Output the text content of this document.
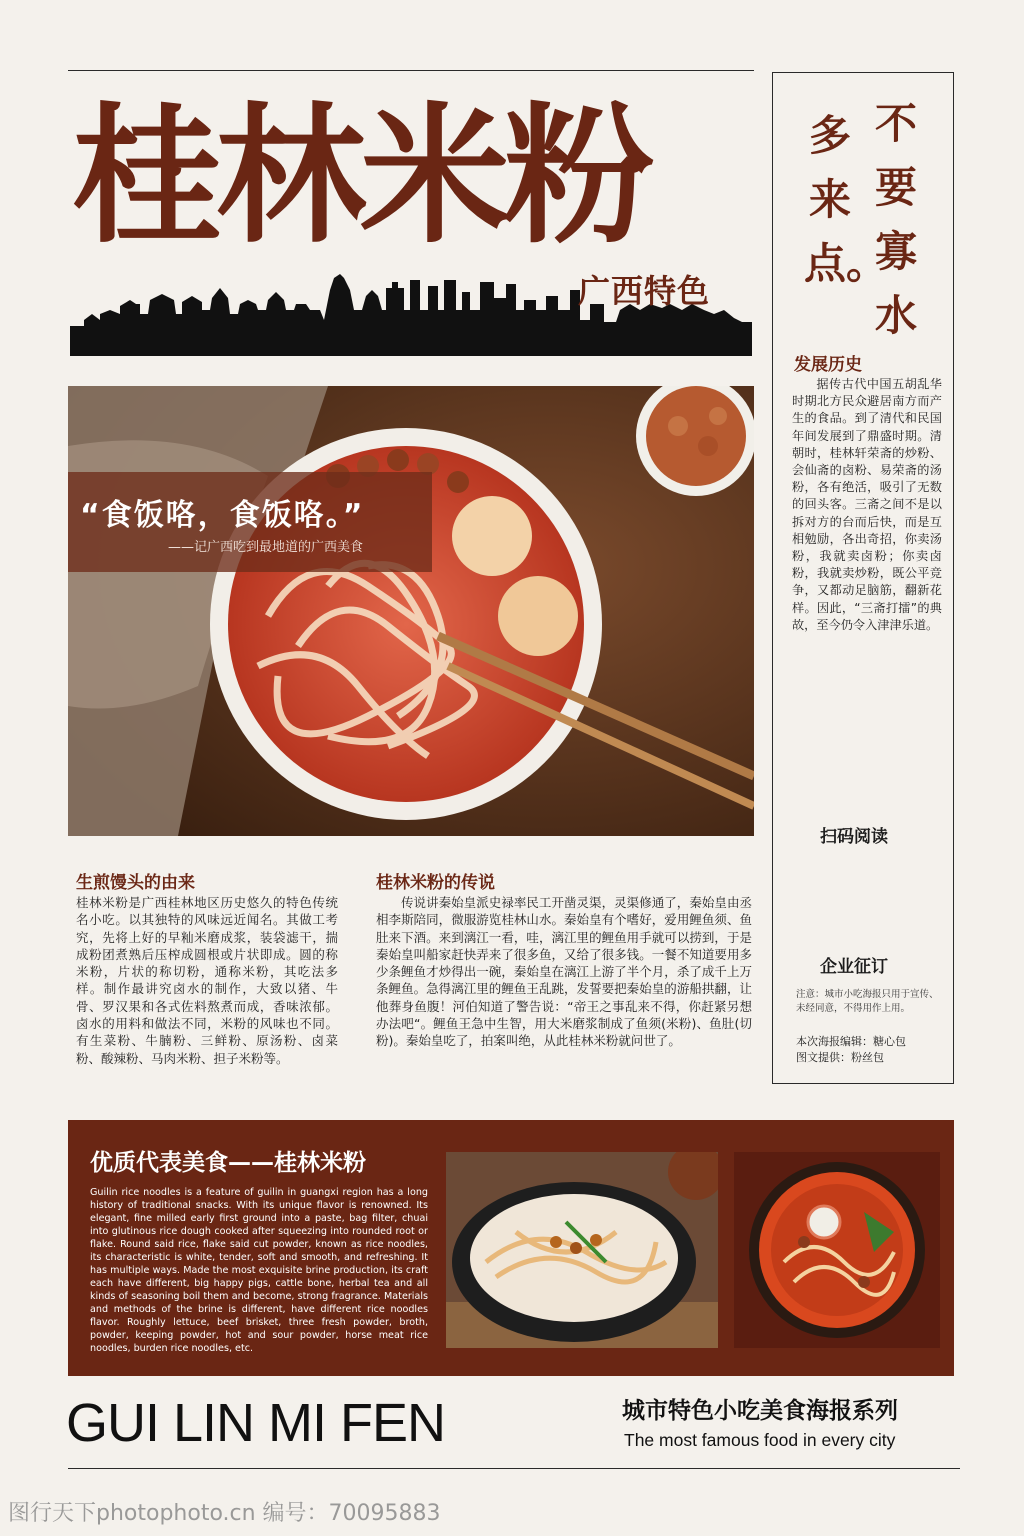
桂林米粉
广西特色
“食饭咯，食饭咯。”
——记广西吃到最地道的广西美食
不要寡水
多来点。
发展历史
据传古代中国五胡乱华时期北方民众避居南方而产生的食品。到了清代和民国年间发展到了鼎盛时期。清朝时，桂林轩荣斋的炒粉、会仙斋的卤粉、易荣斋的汤粉，各有绝活，吸引了无数的回头客。三斋之间不是以拆对方的台而后快，而是互相勉励，各出奇招，你卖汤粉，我就卖卤粉；你卖卤粉，我就卖炒粉，既公平竞争，又都动足脑筋，翻新花样。因此，“三斋打擂”的典故，至今仍令入津津乐道。
扫码阅读
企业征订
注意：城市小吃海报只用于宣传、未经同意，不得用作上用。
本次海报编辑：糖心包
图文提供：粉丝包
生煎馒头的由来
桂林米粉是广西桂林地区历史悠久的特色传统名小吃。以其独特的风味远近闻名。其做工考究，先将上好的早籼米磨成浆，装袋滤干，揣成粉团煮熟后压榨成圆根或片状即成。圆的称米粉，片状的称切粉，通称米粉，其吃法多样。制作最讲究卤水的制作，大致以猪、牛骨、罗汉果和各式佐料熬煮而成，香味浓郁。卤水的用料和做法不同，米粉的风味也不同。有生菜粉、牛腩粉、三鲜粉、原汤粉、卤菜粉、酸辣粉、马肉米粉、担子米粉等。
桂林米粉的传说
传说讲秦始皇派史禄率民工开凿灵渠，灵渠修通了，秦始皇由丞相李斯陪同，微服游览桂林山水。秦始皇有个嗜好，爱用鲤鱼须、鱼肚来下酒。来到漓江一看，哇，漓江里的鲤鱼用手就可以捞到，于是秦始皇叫船家赶快弄来了很多鱼，又给了很多钱。一餐不知道要用多少条鲤鱼才炒得出一碗，秦始皇在漓江上游了半个月，杀了成千上万条鲤鱼。急得漓江里的鲤鱼王乱跳，发誓要把秦始皇的游船拱翻，让他葬身鱼腹！河伯知道了警告说：“帝王之事乱来不得，你赶紧另想办法吧“。鲤鱼王急中生智，用大米磨浆制成了鱼须(米粉)、鱼肚(切粉)。秦始皇吃了，拍案叫绝，从此桂林米粉就问世了。
优质代表美食——桂林米粉
Guilin rice noodles is a feature of guilin in guangxi region has a long history of traditional snacks. With its unique flavor is renowned. Its elegant, fine milled early first ground into a paste, bag filter, chuai into glutinous rice dough cooked after squeezing into rounded root or flake. Round said rice, flake said cut powder, known as rice noodles, its characteristic is white, tender, soft and smooth, and refreshing. It has multiple ways. Made the most exquisite brine production, its craft each have different, big happy pigs, cattle bone, herbal tea and all kinds of seasoning boil them and become, strong fragrance. Materials and methods of the brine is different, have different rice noodles flavor. Roughly lettuce, beef brisket, three fresh powder, broth, powder, keeping powder, hot and sour powder, horse meat rice noodles, burden rice noodles, etc.
GUI LIN MI FEN	城市特色小吃美食海报系列
The most famous food in every city
图行天下photophoto.cn 编号：70095883
